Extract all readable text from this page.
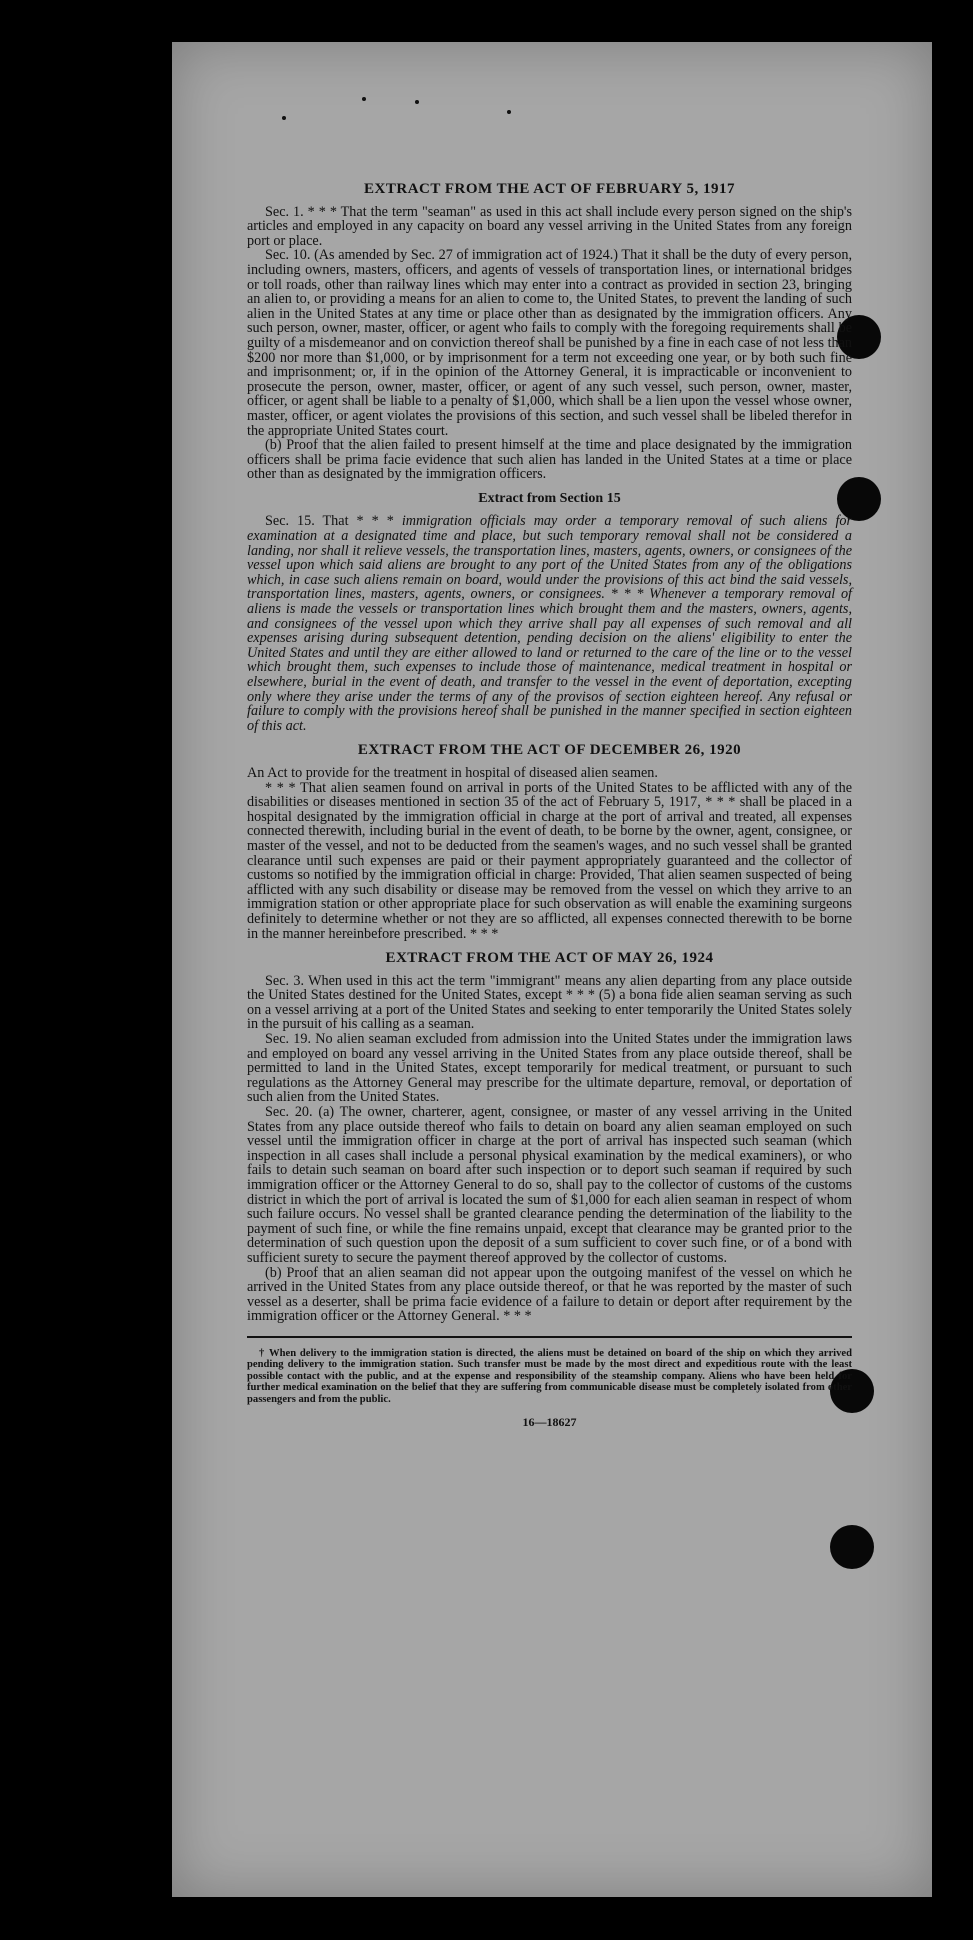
EXTRACT FROM THE ACT OF FEBRUARY 5, 1917

Sec. 1. * * * That the term "seaman" as used in this act shall include every person signed on the ship's articles and employed in any capacity on board any vessel arriving in the United States from any foreign port or place.

Sec. 10. (As amended by Sec. 27 of immigration act of 1924.) That it shall be the duty of every person, including owners, masters, officers, and agents of vessels of transportation lines, or international bridges or toll roads, other than railway lines which may enter into a contract as provided in section 23, bringing an alien to, or providing a means for an alien to come to, the United States, to prevent the landing of such alien in the United States at any time or place other than as designated by the immigration officers. Any such person, owner, master, officer, or agent who fails to comply with the foregoing requirements shall be guilty of a misdemeanor and on conviction thereof shall be punished by a fine in each case of not less than $200 nor more than $1,000, or by imprisonment for a term not exceeding one year, or by both such fine and imprisonment; or, if in the opinion of the Attorney General, it is impracticable or inconvenient to prosecute the person, owner, master, officer, or agent of any such vessel, such person, owner, master, officer, or agent shall be liable to a penalty of $1,000, which shall be a lien upon the vessel whose owner, master, officer, or agent violates the provisions of this section, and such vessel shall be libeled therefor in the appropriate United States court.

(b) Proof that the alien failed to present himself at the time and place designated by the immigration officers shall be prima facie evidence that such alien has landed in the United States at a time or place other than as designated by the immigration officers.

Extract from Section 15

Sec. 15. That * * * immigration officials may order a temporary removal of such aliens for examination at a designated time and place, but such temporary removal shall not be considered a landing, nor shall it relieve vessels, the transportation lines, masters, agents, owners, or consignees of the vessel upon which said aliens are brought to any port of the United States from any of the obligations which, in case such aliens remain on board, would under the provisions of this act bind the said vessels, transportation lines, masters, agents, owners, or consignees. * * * Whenever a temporary removal of aliens is made the vessels or transportation lines which brought them and the masters, owners, agents, and consignees of the vessel upon which they arrive shall pay all expenses of such removal and all expenses arising during subsequent detention, pending decision on the aliens' eligibility to enter the United States and until they are either allowed to land or returned to the care of the line or to the vessel which brought them, such expenses to include those of maintenance, medical treatment in hospital or elsewhere, burial in the event of death, and transfer to the vessel in the event of deportation, excepting only where they arise under the terms of any of the provisos of section eighteen hereof. Any refusal or failure to comply with the provisions hereof shall be punished in the manner specified in section eighteen of this act.

EXTRACT FROM THE ACT OF DECEMBER 26, 1920

An Act to provide for the treatment in hospital of diseased alien seamen.

* * * That alien seamen found on arrival in ports of the United States to be afflicted with any of the disabilities or diseases mentioned in section 35 of the act of February 5, 1917, * * * shall be placed in a hospital designated by the immigration official in charge at the port of arrival and treated, all expenses connected therewith, including burial in the event of death, to be borne by the owner, agent, consignee, or master of the vessel, and not to be deducted from the seamen's wages, and no such vessel shall be granted clearance until such expenses are paid or their payment appropriately guaranteed and the collector of customs so notified by the immigration official in charge: Provided, That alien seamen suspected of being afflicted with any such disability or disease may be removed from the vessel on which they arrive to an immigration station or other appropriate place for such observation as will enable the examining surgeons definitely to determine whether or not they are so afflicted, all expenses connected therewith to be borne in the manner hereinbefore prescribed. * * *

EXTRACT FROM THE ACT OF MAY 26, 1924

Sec. 3. When used in this act the term "immigrant" means any alien departing from any place outside the United States destined for the United States, except * * * (5) a bona fide alien seaman serving as such on a vessel arriving at a port of the United States and seeking to enter temporarily the United States solely in the pursuit of his calling as a seaman.

Sec. 19. No alien seaman excluded from admission into the United States under the immigration laws and employed on board any vessel arriving in the United States from any place outside thereof, shall be permitted to land in the United States, except temporarily for medical treatment, or pursuant to such regulations as the Attorney General may prescribe for the ultimate departure, removal, or deportation of such alien from the United States.

Sec. 20. (a) The owner, charterer, agent, consignee, or master of any vessel arriving in the United States from any place outside thereof who fails to detain on board any alien seaman employed on such vessel until the immigration officer in charge at the port of arrival has inspected such seaman (which inspection in all cases shall include a personal physical examination by the medical examiners), or who fails to detain such seaman on board after such inspection or to deport such seaman if required by such immigration officer or the Attorney General to do so, shall pay to the collector of customs of the customs district in which the port of arrival is located the sum of $1,000 for each alien seaman in respect of whom such failure occurs. No vessel shall be granted clearance pending the determination of the liability to the payment of such fine, or while the fine remains unpaid, except that clearance may be granted prior to the determination of such question upon the deposit of a sum sufficient to cover such fine, or of a bond with sufficient surety to secure the payment thereof approved by the collector of customs.

(b) Proof that an alien seaman did not appear upon the outgoing manifest of the vessel on which he arrived in the United States from any place outside thereof, or that he was reported by the master of such vessel as a deserter, shall be prima facie evidence of a failure to detain or deport after requirement by the immigration officer or the Attorney General. * * *

† When delivery to the immigration station is directed, the aliens must be detained on board of the ship on which they arrived pending delivery to the immigration station. Such transfer must be made by the most direct and expeditious route with the least possible contact with the public, and at the expense and responsibility of the steamship company. Aliens who have been held for further medical examination on the belief that they are suffering from communicable disease must be completely isolated from other passengers and from the public.

16—18627
